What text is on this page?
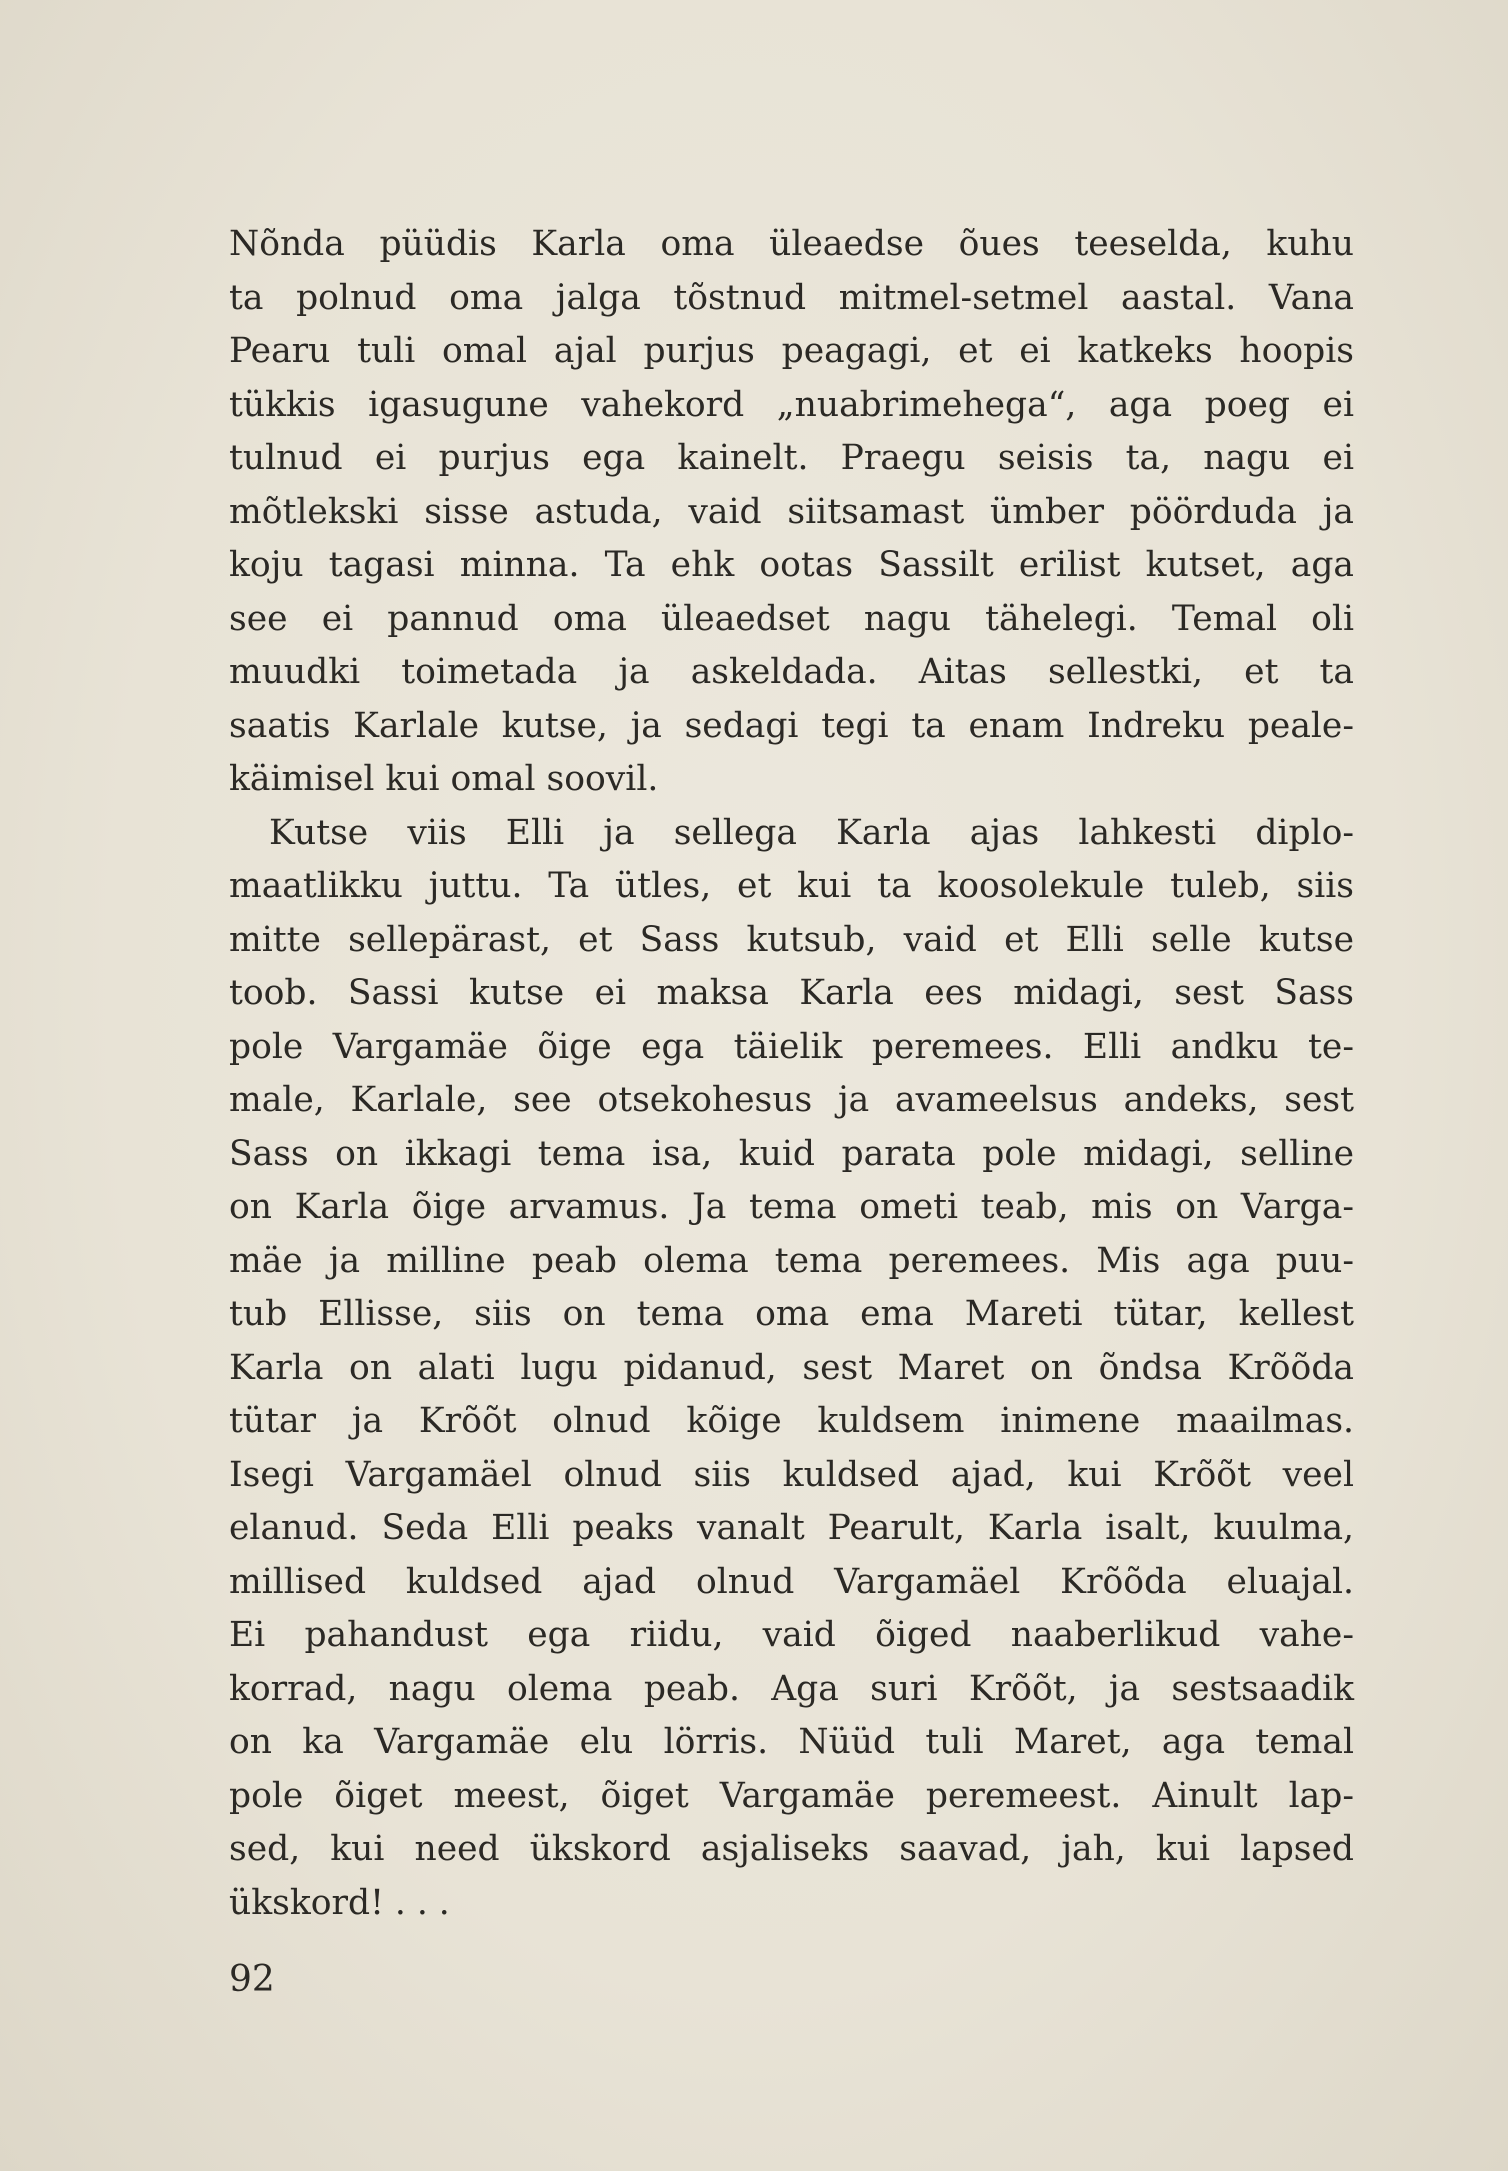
Nõnda püüdis Karla oma üleaedse õues teeselda, kuhu
ta polnud oma jalga tõstnud mitmel-setmel aastal. Vana
Pearu tuli omal ajal purjus peagagi, et ei katkeks hoopis
tükkis igasugune vahekord „nuabrimehega“, aga poeg ei
tulnud ei purjus ega kainelt. Praegu seisis ta, nagu ei
mõtlekski sisse astuda, vaid siitsamast ümber pöörduda ja
koju tagasi minna. Ta ehk ootas Sassilt erilist kutset, aga
see ei pannud oma üleaedset nagu tähelegi. Temal oli
muudki toimetada ja askeldada. Aitas sellestki, et ta
saatis Karlale kutse, ja sedagi tegi ta enam Indreku peale-
käimisel kui omal soovil.
Kutse viis Elli ja sellega Karla ajas lahkesti diplo-
maatlikku juttu. Ta ütles, et kui ta koosolekule tuleb, siis
mitte sellepärast, et Sass kutsub, vaid et Elli selle kutse
toob. Sassi kutse ei maksa Karla ees midagi, sest Sass
pole Vargamäe õige ega täielik peremees. Elli andku te-
male, Karlale, see otsekohesus ja avameelsus andeks, sest
Sass on ikkagi tema isa, kuid parata pole midagi, selline
on Karla õige arvamus. Ja tema ometi teab, mis on Varga-
mäe ja milline peab olema tema peremees. Mis aga puu-
tub Ellisse, siis on tema oma ema Mareti tütar, kellest
Karla on alati lugu pidanud, sest Maret on õndsa Krõõda
tütar ja Krõõt olnud kõige kuldsem inimene maailmas.
Isegi Vargamäel olnud siis kuldsed ajad, kui Krõõt veel
elanud. Seda Elli peaks vanalt Pearult, Karla isalt, kuulma,
millised kuldsed ajad olnud Vargamäel Krõõda eluajal.
Ei pahandust ega riidu, vaid õiged naaberlikud vahe-
korrad, nagu olema peab. Aga suri Krõõt, ja sestsaadik
on ka Vargamäe elu lörris. Nüüd tuli Maret, aga temal
pole õiget meest, õiget Vargamäe peremeest. Ainult lap-
sed, kui need ükskord asjaliseks saavad, jah, kui lapsed
ükskord! . . .
92
